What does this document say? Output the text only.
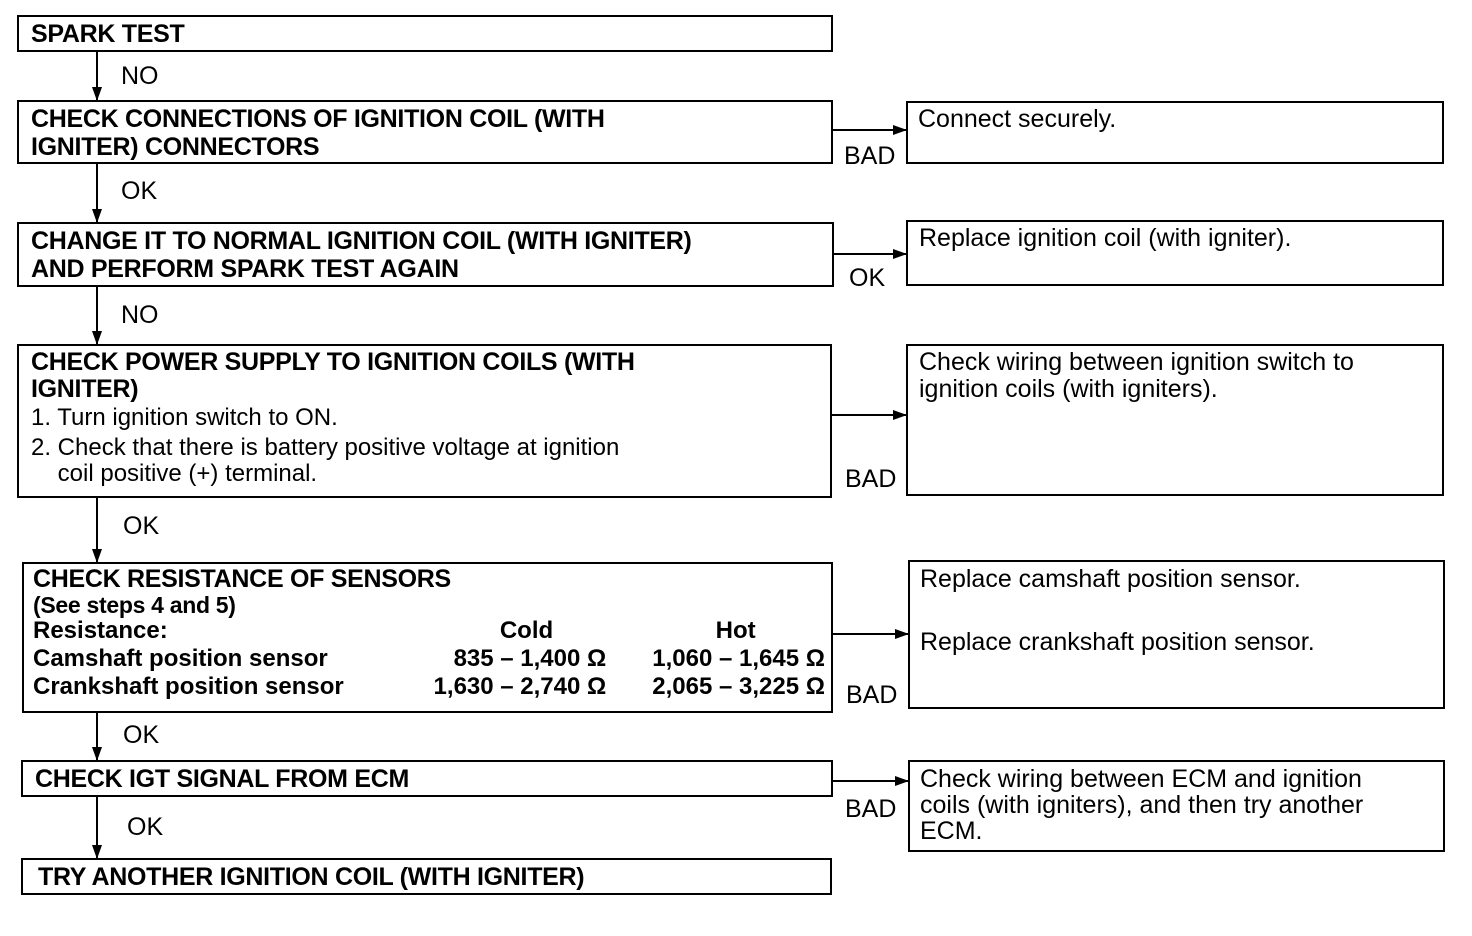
SPARK TEST
CHECK CONNECTIONS OF IGNITION COIL (WITH
IGNITER) CONNECTORS
CHANGE IT TO NORMAL IGNITION COIL (WITH IGNITER)
AND PERFORM SPARK TEST AGAIN
CHECK POWER SUPPLY TO IGNITION COILS (WITH
IGNITER)
1. Turn ignition switch to ON.
2. Check that there is battery positive voltage at ignition
coil positive (+) terminal.
CHECK RESISTANCE OF SENSORS
(See steps 4 and 5)
Resistance:	Cold	Hot
Camshaft position sensor	835 – 1,400 Ω	1,060 – 1,645 Ω
Crankshaft position sensor	1,630 – 2,740 Ω	2,065 – 3,225 Ω
CHECK IGT SIGNAL FROM ECM
TRY ANOTHER IGNITION COIL (WITH IGNITER)
Connect securely.
Replace ignition coil (with igniter).
Check wiring between ignition switch to
ignition coils (with igniters).
Replace camshaft position sensor.
Replace crankshaft position sensor.
Check wiring between ECM and ignition
coils (with igniters), and then try another
ECM.
NO
OK
NO
OK
OK
OK
BAD
OK
BAD
BAD
BAD
